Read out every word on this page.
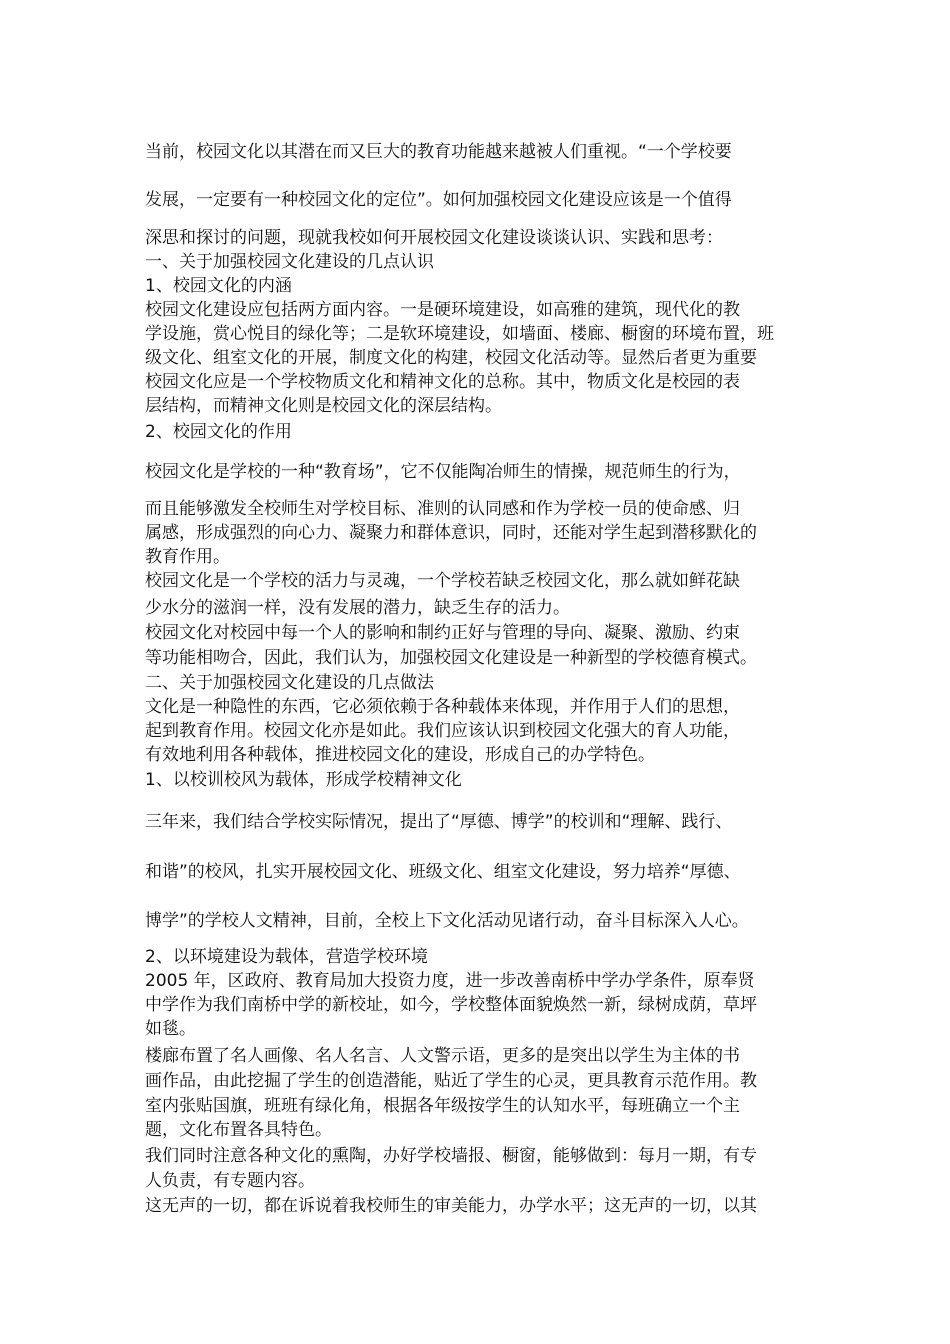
当前，校园文化以其潜在而又巨大的教育功能越来越被人们重视。“一个学校要
发展，一定要有一种校园文化的定位”。如何加强校园文化建设应该是一个值得
深思和探讨的问题，现就我校如何开展校园文化建设谈谈认识、实践和思考：
一、关于加强校园文化建设的几点认识
1、校园文化的内涵
校园文化建设应包括两方面内容。一是硬环境建设，如高雅的建筑，现代化的教
学设施，赏心悦目的绿化等；二是软环境建设，如墙面、楼廊、橱窗的环境布置，班
级文化、组室文化的开展，制度文化的构建，校园文化活动等。显然后者更为重要
校园文化应是一个学校物质文化和精神文化的总称。其中，物质文化是校园的表
层结构，而精神文化则是校园文化的深层结构。
2、校园文化的作用
校园文化是学校的一种“教育场”，它不仅能陶冶师生的情操，规范师生的行为，
而且能够激发全校师生对学校目标、准则的认同感和作为学校一员的使命感、归
属感，形成强烈的向心力、凝聚力和群体意识，同时，还能对学生起到潜移默化的
教育作用。
校园文化是一个学校的活力与灵魂，一个学校若缺乏校园文化，那么就如鲜花缺
少水分的滋润一样，没有发展的潜力，缺乏生存的活力。
校园文化对校园中每一个人的影响和制约正好与管理的导向、凝聚、激励、约束
等功能相吻合，因此，我们认为，加强校园文化建设是一种新型的学校德育模式。
二、关于加强校园文化建设的几点做法
文化是一种隐性的东西，它必须依赖于各种载体来体现，并作用于人们的思想，
起到教育作用。校园文化亦是如此。我们应该认识到校园文化强大的育人功能，
有效地利用各种载体，推进校园文化的建设，形成自己的办学特色。
1、以校训校风为载体，形成学校精神文化
三年来，我们结合学校实际情况，提出了“厚德、博学”的校训和“理解、践行、
和谐”的校风，扎实开展校园文化、班级文化、组室文化建设，努力培养“厚德、
博学”的学校人文精神，目前，全校上下文化活动见诸行动，奋斗目标深入人心。
2、以环境建设为载体，营造学校环境
2005 年，区政府、教育局加大投资力度，进一步改善南桥中学办学条件，原奉贤
中学作为我们南桥中学的新校址，如今，学校整体面貌焕然一新，绿树成荫，草坪
如毯。
楼廊布置了名人画像、名人名言、人文警示语，更多的是突出以学生为主体的书
画作品，由此挖掘了学生的创造潜能，贴近了学生的心灵，更具教育示范作用。教
室内张贴国旗，班班有绿化角，根据各年级按学生的认知水平，每班确立一个主
题，文化布置各具特色。
我们同时注意各种文化的熏陶，办好学校墙报、橱窗，能够做到：每月一期，有专
人负责，有专题内容。
这无声的一切，都在诉说着我校师生的审美能力，办学水平；这无声的一切，以其
